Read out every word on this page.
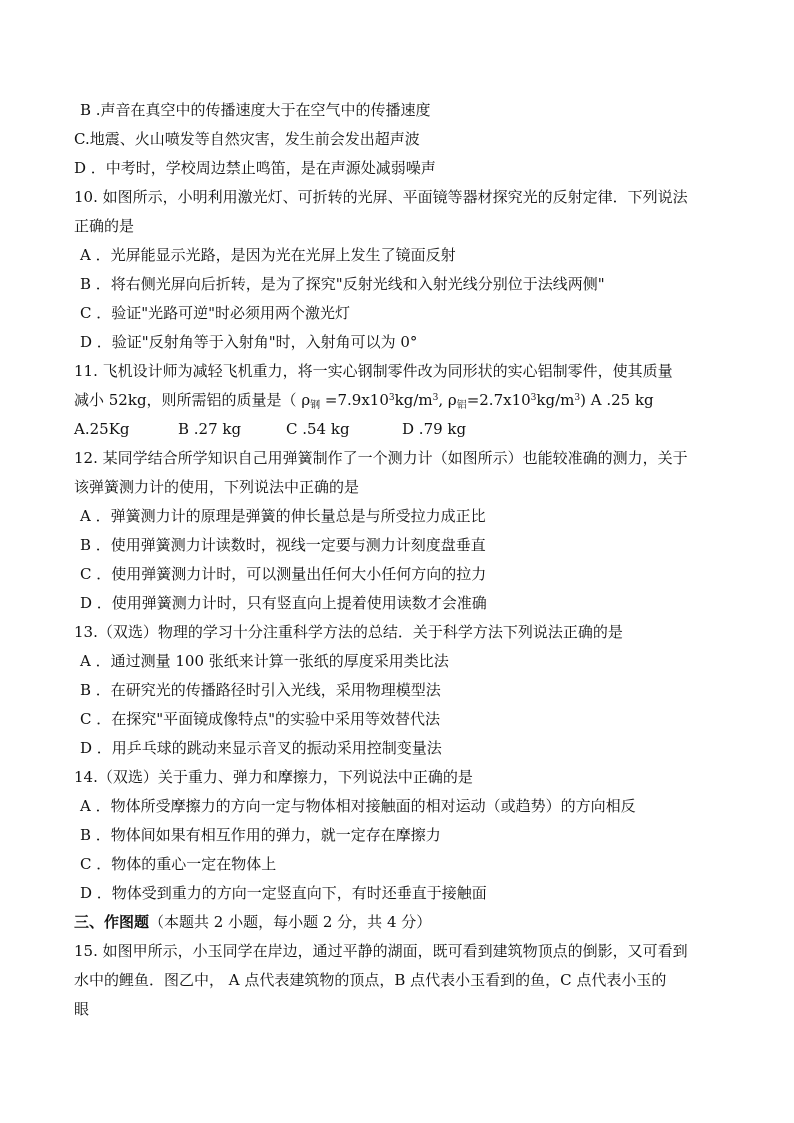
B .声音在真空中的传播速度大于在空气中的传播速度
C.地震、火山喷发等自然灾害，发生前会发出超声波
D ．中考时，学校周边禁止鸣笛，是在声源处减弱噪声
10. 如图所示，小明利用激光灯、可折转的光屏、平面镜等器材探究光的反射定律．下列说法
正确的是
A ．光屏能显示光路，是因为光在光屏上发生了镜面反射
B ．将右侧光屏向后折转，是为了探究"反射光线和入射光线分别位于法线两侧"
C ．验证"光路可逆"时必须用两个激光灯
D ．验证"反射角等于入射角"时，入射角可以为 0°
11. 飞机设计师为减轻飞机重力，将一实心钢制零件改为同形状的实心铝制零件，使其质量
减小 52kg，则所需铝的质量是（ $\rho_钢 =7.9x10^3kg/m^3$, $\rho_铝=2.7x10^3kg/m^3$) A .25 kg
A.25Kg	B .27 kg	C .54 kg	D .79 kg
12. 某同学结合所学知识自己用弹簧制作了一个测力计（如图所示）也能较准确的测力，关于
该弹簧测力计的使用，下列说法中正确的是
A ．弹簧测力计的原理是弹簧的伸长量总是与所受拉力成正比
B ．使用弹簧测力计读数时，视线一定要与测力计刻度盘垂直
C ．使用弹簧测力计时，可以测量出任何大小任何方向的拉力
D ．使用弹簧测力计时，只有竖直向上提着使用读数才会准确
13.（双选）物理的学习十分注重科学方法的总结．关于科学方法下列说法正确的是
A ．通过测量 100 张纸来计算一张纸的厚度采用类比法
B ．在研究光的传播路径时引入光线，采用物理模型法
C ．在探究"平面镜成像特点"的实验中采用等效替代法
D ．用乒乓球的跳动来显示音叉的振动采用控制变量法
14.（双选）关于重力、弹力和摩擦力，下列说法中正确的是
A ．物体所受摩擦力的方向一定与物体相对接触面的相对运动（或趋势）的方向相反
B ．物体间如果有相互作用的弹力，就一定存在摩擦力
C ．物体的重心一定在物体上
D ．物体受到重力的方向一定竖直向下，有时还垂直于接触面
三、作图题（本题共 2 小题，每小题 2 分，共 4 分）
15. 如图甲所示，小玉同学在岸边，通过平静的湖面，既可看到建筑物顶点的倒影，又可看到
水中的鲤鱼．图乙中， A 点代表建筑物的顶点，B 点代表小玉看到的鱼，C 点代表小玉的
眼
